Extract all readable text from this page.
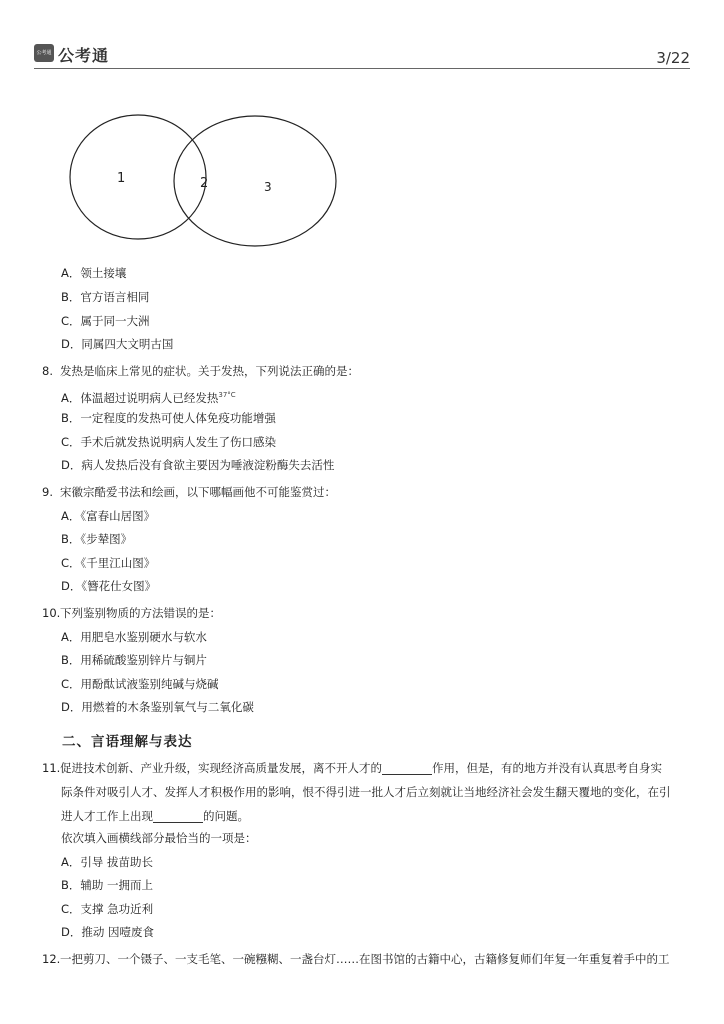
公考通 公考通	3/22
1	2	3
A．领土接壤
B．官方语言相同
C．属于同一大洲
D．同属四大文明古国
8. 发热是临床上常见的症状。关于发热，下列说法正确的是：
A．体温超过说明病人已经发热$^{37^\circ C}$
B．一定程度的发热可使人体免疫功能增强
C．手术后就发热说明病人发生了伤口感染
D．病人发热后没有食欲主要因为唾液淀粉酶失去活性
9. 宋徽宗酷爱书法和绘画，以下哪幅画他不可能鉴赏过：
A．《富春山居图》
B．《步辇图》
C．《千里江山图》
D．《簪花仕女图》
10.下列鉴别物质的方法错误的是：
A．用肥皂水鉴别硬水与软水
B．用稀硫酸鉴别锌片与铜片
C．用酚酞试液鉴别纯碱与烧碱
D．用燃着的木条鉴别氧气与二氧化碳
二、言语理解与表达
11.促进技术创新、产业升级，实现经济高质量发展，离不开人才的	作用，但是，有的地方并没有认真思考自身实
际条件对吸引人才、发挥人才积极作用的影响，恨不得引进一批人才后立刻就让当地经济社会发生翻天覆地的变化，在引
进人才工作上出现	的问题。
依次填入画横线部分最恰当的一项是：
A．引导 拔苗助长
B．辅助 一拥而上
C．支撑 急功近利
D．推动 因噎废食
12.一把剪刀、一个镊子、一支毛笔、一碗糨糊、一盏台灯……在图书馆的古籍中心，古籍修复师们年复一年重复着手中的工
